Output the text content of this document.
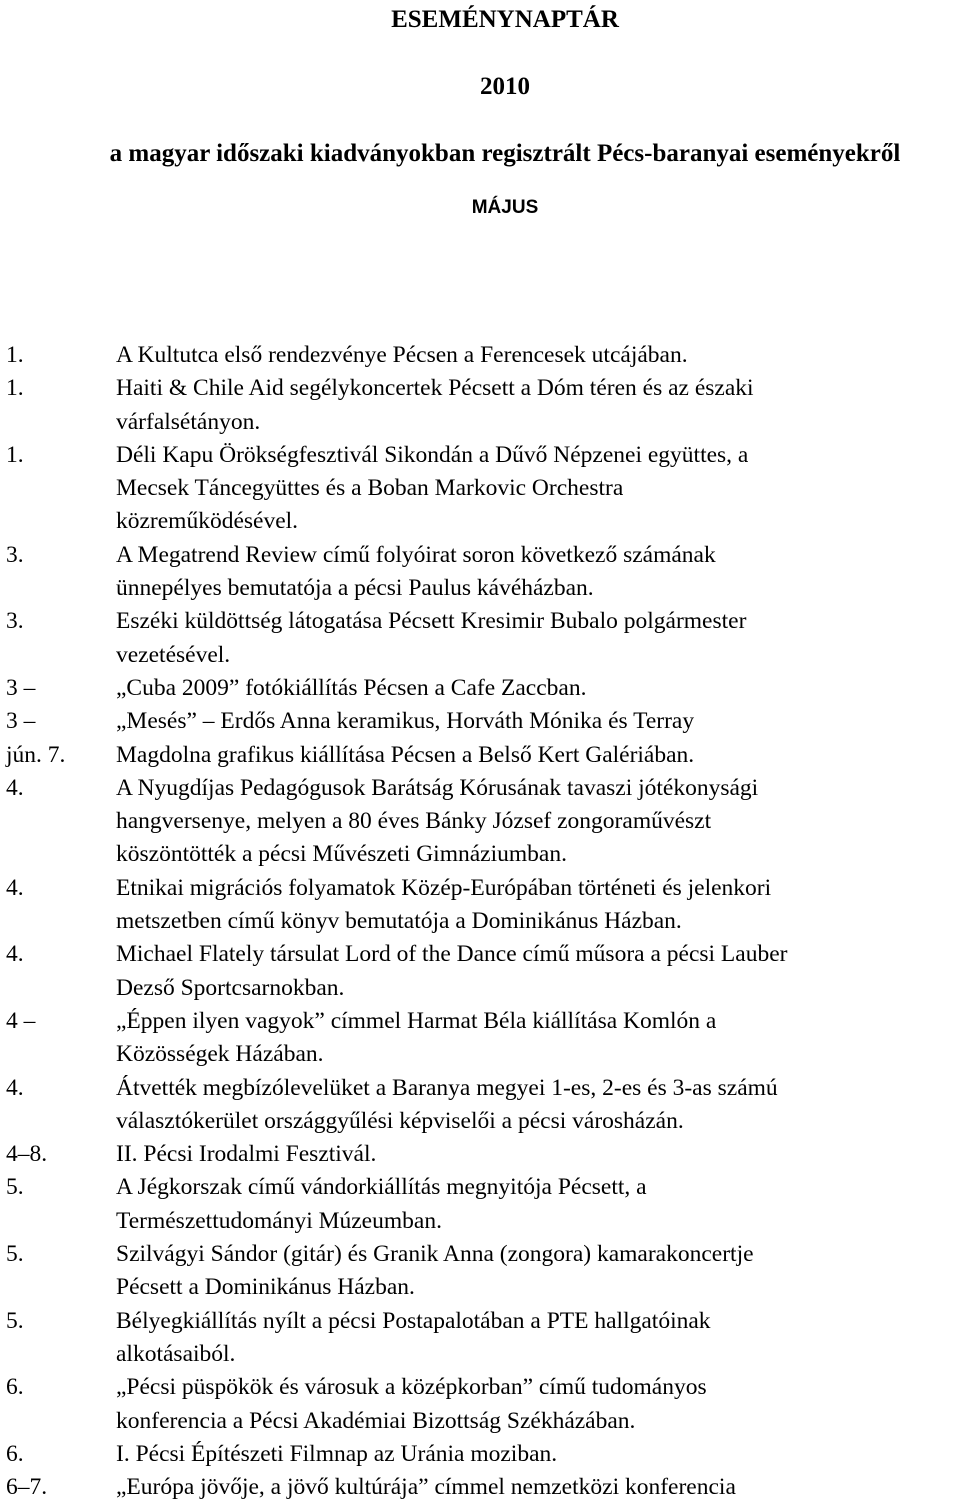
ESEMÉNYNAPTÁR
2010
a magyar időszaki kiadványokban regisztrált Pécs-baranyai eseményekről
MÁJUS
1.	A Kultutca első rendezvénye Pécsen a Ferencesek utcájában.
1.	Haiti & Chile Aid segélykoncertek Pécsett a Dóm téren és az északi
várfalsétányon.
1.	Déli Kapu Örökségfesztivál Sikondán a Dűvő Népzenei együttes, a
Mecsek Táncegyüttes és a Boban Markovic Orchestra
közreműködésével.
3.	A Megatrend Review című folyóirat soron következő számának
ünnepélyes bemutatója a pécsi Paulus kávéházban.
3.	Eszéki küldöttség látogatása Pécsett Kresimir Bubalo polgármester
vezetésével.
3 –	„Cuba 2009” fotókiállítás Pécsen a Cafe Zaccban.
3 –	„Mesés” – Erdős Anna keramikus, Horváth Mónika és Terray
jún. 7.	Magdolna grafikus kiállítása Pécsen a Belső Kert Galériában.
4.	A Nyugdíjas Pedagógusok Barátság Kórusának tavaszi jótékonysági
hangversenye, melyen a 80 éves Bánky József zongoraművészt
köszöntötték a pécsi Művészeti Gimnáziumban.
4.	Etnikai migrációs folyamatok Közép-Európában történeti és jelenkori
metszetben című könyv bemutatója a Dominikánus Házban.
4.	Michael Flately társulat Lord of the Dance című műsora a pécsi Lauber
Dezső Sportcsarnokban.
4 –	„Éppen ilyen vagyok” címmel Harmat Béla kiállítása Komlón a
Közösségek Házában.
4.	Átvették megbízólevelüket a Baranya megyei 1-es, 2-es és 3-as számú
választókerület országgyűlési képviselői a pécsi városházán.
4–8.	II. Pécsi Irodalmi Fesztivál.
5.	A Jégkorszak című vándorkiállítás megnyitója Pécsett, a
Természettudományi Múzeumban.
5.	Szilvágyi Sándor (gitár) és Granik Anna (zongora) kamarakoncertje
Pécsett a Dominikánus Házban.
5.	Bélyegkiállítás nyílt a pécsi Postapalotában a PTE hallgatóinak
alkotásaiból.
6.	„Pécsi püspökök és városuk a középkorban” című tudományos
konferencia a Pécsi Akadémiai Bizottság Székházában.
6.	I. Pécsi Építészeti Filmnap az Uránia moziban.
6–7.	„Európa jövője, a jövő kultúrája” címmel nemzetközi konferencia
